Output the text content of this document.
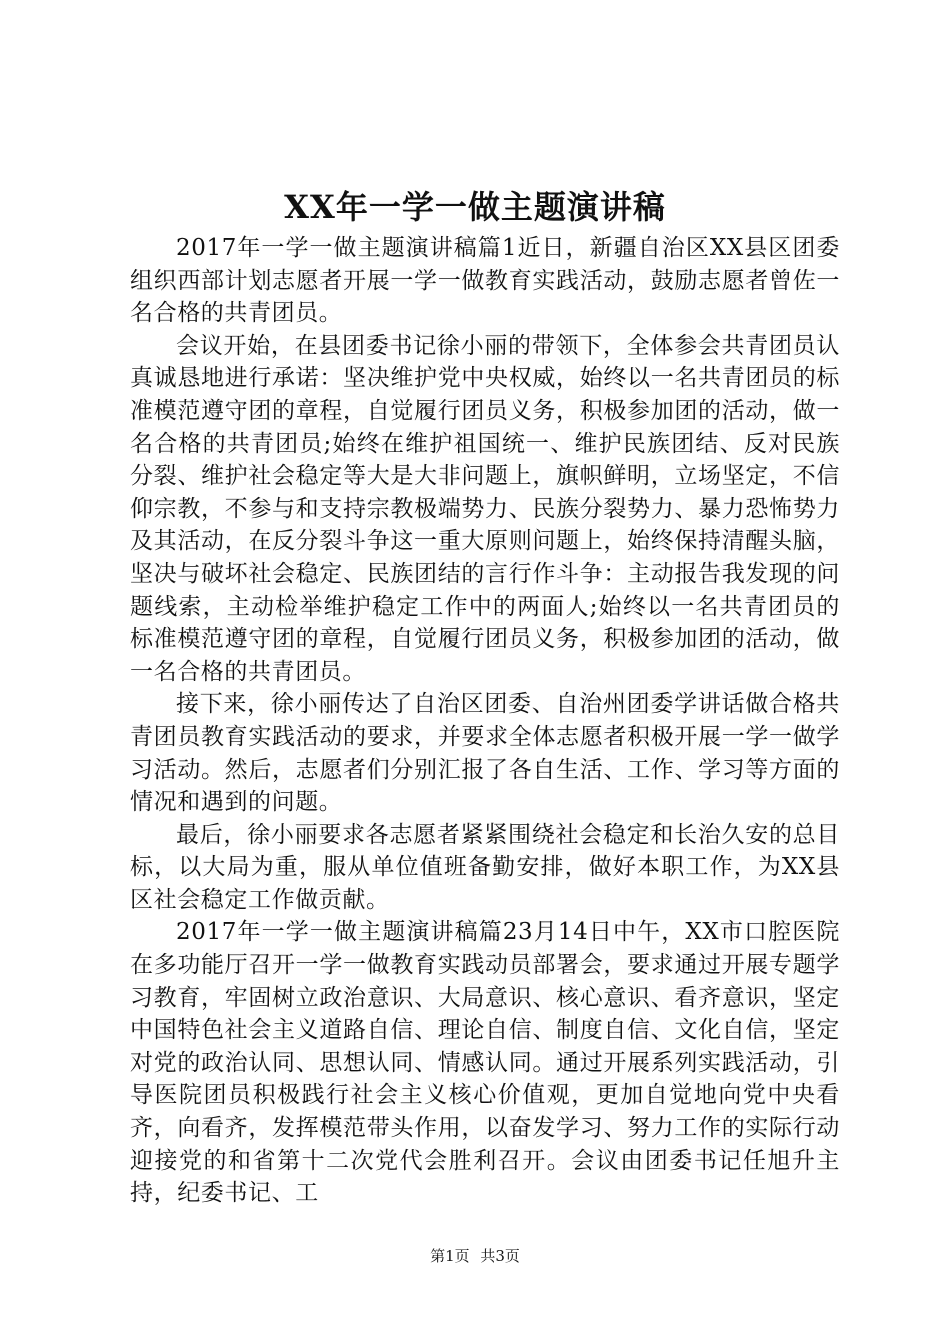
XX年一学一做主题演讲稿

2017年一学一做主题演讲稿篇1近日，新疆自治区XX县区团委组织西部计划志愿者开展一学一做教育实践活动，鼓励志愿者曾佐一名合格的共青团员。

会议开始，在县团委书记徐小丽的带领下，全体参会共青团员认真诚恳地进行承诺：坚决维护党中央权威，始终以一名共青团员的标准模范遵守团的章程，自觉履行团员义务，积极参加团的活动，做一名合格的共青团员;始终在维护祖国统一、维护民族团结、反对民族分裂、维护社会稳定等大是大非问题上，旗帜鲜明，立场坚定，不信仰宗教，不参与和支持宗教极端势力、民族分裂势力、暴力恐怖势力及其活动，在反分裂斗争这一重大原则问题上，始终保持清醒头脑，坚决与破坏社会稳定、民族团结的言行作斗争：主动报告我发现的问题线索，主动检举维护稳定工作中的两面人;始终以一名共青团员的标准模范遵守团的章程，自觉履行团员义务，积极参加团的活动，做一名合格的共青团员。

接下来，徐小丽传达了自治区团委、自治州团委学讲话做合格共青团员教育实践活动的要求，并要求全体志愿者积极开展一学一做学习活动。然后，志愿者们分别汇报了各自生活、工作、学习等方面的情况和遇到的问题。

最后，徐小丽要求各志愿者紧紧围绕社会稳定和长治久安的总目标，以大局为重，服从单位值班备勤安排，做好本职工作，为XX县区社会稳定工作做贡献。

2017年一学一做主题演讲稿篇23月14日中午，XX市口腔医院在多功能厅召开一学一做教育实践动员部署会，要求通过开展专题学习教育，牢固树立政治意识、大局意识、核心意识、看齐意识，坚定中国特色社会主义道路自信、理论自信、制度自信、文化自信，坚定对党的政治认同、思想认同、情感认同。通过开展系列实践活动，引导医院团员积极践行社会主义核心价值观，更加自觉地向党中央看齐，向看齐，发挥模范带头作用，以奋发学习、努力工作的实际行动迎接党的和省第十二次党代会胜利召开。会议由团委书记任旭升主持，纪委书记、工

第1页 共3页
